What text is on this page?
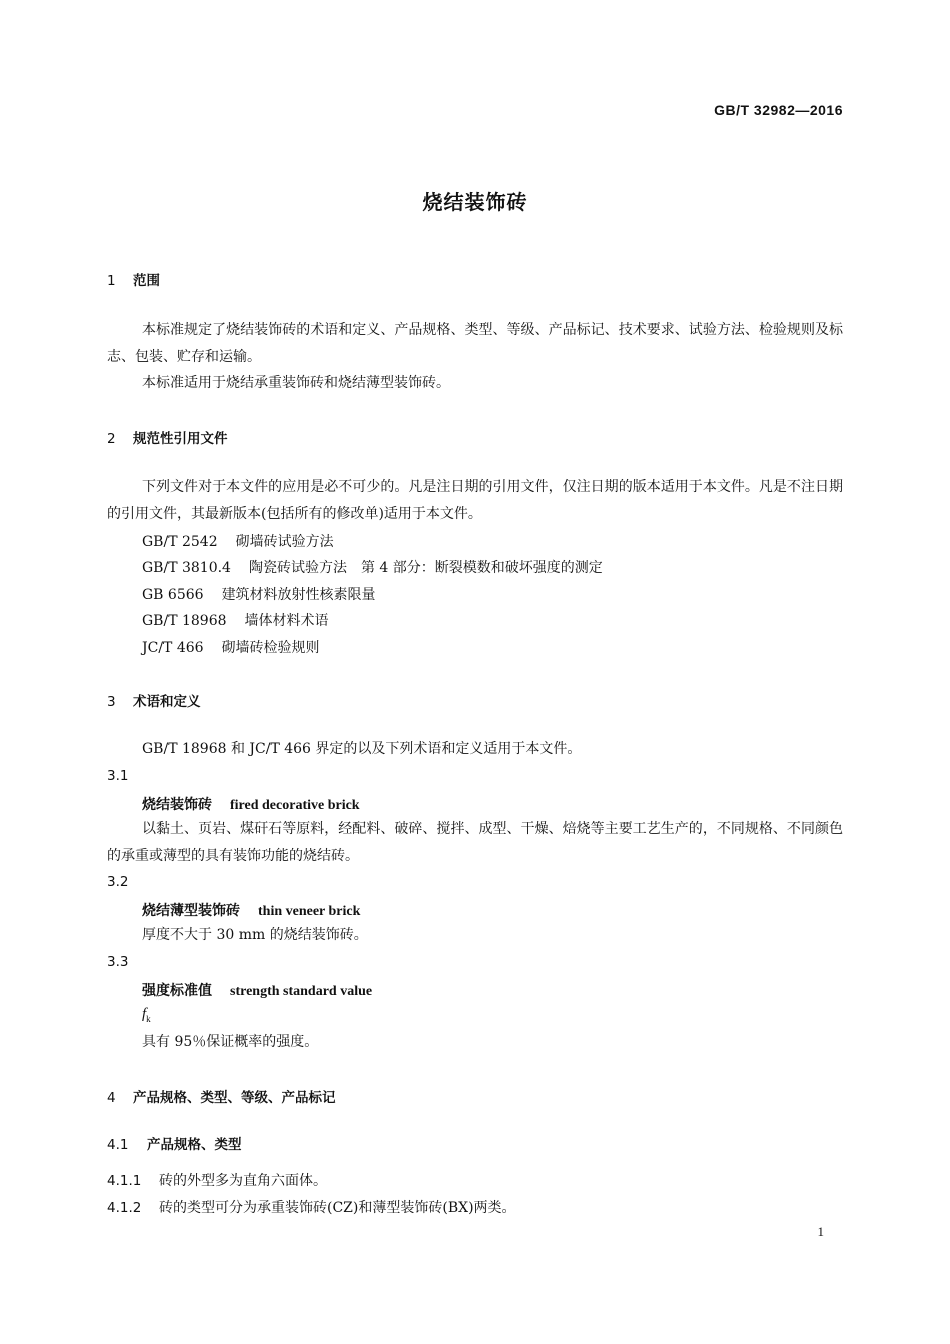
GB/T 32982—2016
烧结装饰砖
1 范围
本标准规定了烧结装饰砖的术语和定义、产品规格、类型、等级、产品标记、技术要求、试验方法、检验规则及标志、包装、贮存和运输。
本标准适用于烧结承重装饰砖和烧结薄型装饰砖。
2 规范性引用文件
下列文件对于本文件的应用是必不可少的。凡是注日期的引用文件，仅注日期的版本适用于本文件。凡是不注日期的引用文件，其最新版本(包括所有的修改单)适用于本文件。
GB/T 2542 砌墙砖试验方法
GB/T 3810.4 陶瓷砖试验方法　第 4 部分：断裂模数和破坏强度的测定
GB 6566 建筑材料放射性核素限量
GB/T 18968 墙体材料术语
JC/T 466 砌墙砖检验规则
3 术语和定义
GB/T 18968 和 JC/T 466 界定的以及下列术语和定义适用于本文件。
3.1
烧结装饰砖 fired decorative brick
以黏土、页岩、煤矸石等原料，经配料、破碎、搅拌、成型、干燥、焙烧等主要工艺生产的，不同规格、不同颜色的承重或薄型的具有装饰功能的烧结砖。
3.2
烧结薄型装饰砖 thin veneer brick
厚度不大于 30 mm 的烧结装饰砖。
3.3
强度标准值 strength standard value
$f_k$
具有 95％保证概率的强度。
4 产品规格、类型、等级、产品标记
4.1 产品规格、类型
4.1.1 砖的外型多为直角六面体。
4.1.2 砖的类型可分为承重装饰砖(CZ)和薄型装饰砖(BX)两类。
1
